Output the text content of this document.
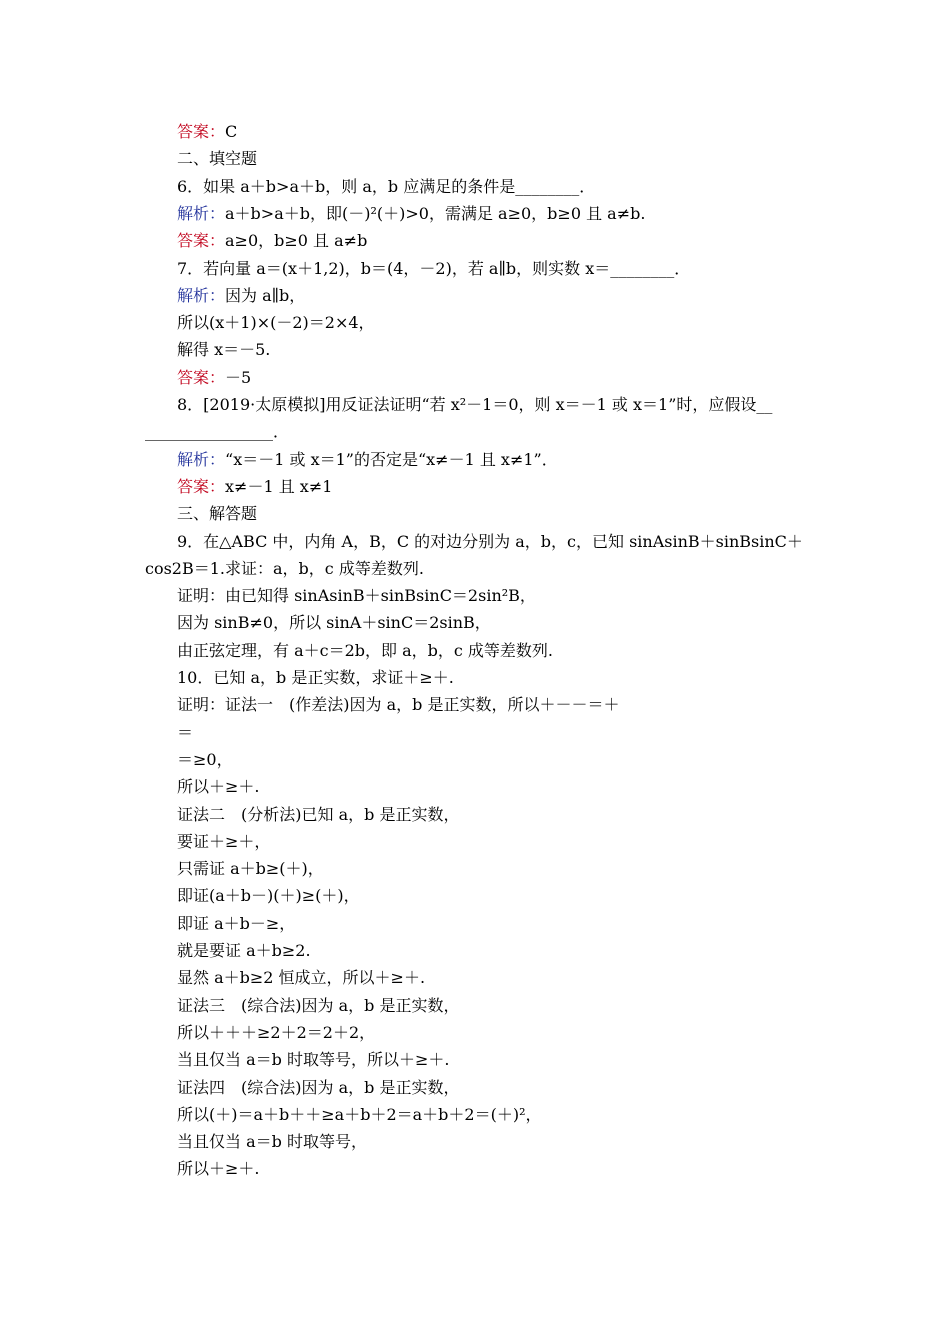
答案：C
二、填空题
6．如果 a＋b>a＋b，则 a，b 应满足的条件是________．
解析：a＋b>a＋b，即(－)²(＋)>0，需满足 a≥0，b≥0 且 a≠b.
答案：a≥0，b≥0 且 a≠b
7．若向量 a＝(x＋1,2)，b＝(4，－2)，若 a∥b，则实数 x＝________．
解析：因为 a∥b，
所以(x＋1)×(－2)＝2×4，
解得 x＝－5.
答案：－5
8．[2019·太原模拟]用反证法证明“若 x²－1＝0，则 x＝－1 或 x＝1”时，应假设__
________________．
解析：“x＝－1 或 x＝1”的否定是“x≠－1 且 x≠1”．
答案：x≠－1 且 x≠1
三、解答题
9．在△ABC 中，内角 A，B，C 的对边分别为 a，b，c，已知 sinAsinB＋sinBsinC＋
cos2B＝1.求证：a，b，c 成等差数列.
证明：由已知得 sinAsinB＋sinBsinC＝2sin²B，
因为 sinB≠0，所以 sinA＋sinC＝2sinB，
由正弦定理，有 a＋c＝2b，即 a，b，c 成等差数列.
10．已知 a，b 是正实数，求证＋≥＋.
证明：证法一　(作差法)因为 a，b 是正实数，所以＋－－＝＋
＝
＝≥0，
所以＋≥＋.
证法二　(分析法)已知 a，b 是正实数，
要证＋≥＋，
只需证 a＋b≥(＋)，
即证(a＋b－)(＋)≥(＋)，
即证 a＋b－≥，
就是要证 a＋b≥2.
显然 a＋b≥2 恒成立，所以＋≥＋.
证法三　(综合法)因为 a，b 是正实数，
所以＋＋＋≥2＋2＝2＋2，
当且仅当 a＝b 时取等号，所以＋≥＋.
证法四　(综合法)因为 a，b 是正实数，
所以(＋)＝a＋b＋＋≥a＋b＋2＝a＋b＋2＝(＋)²，
当且仅当 a＝b 时取等号，
所以＋≥＋.
